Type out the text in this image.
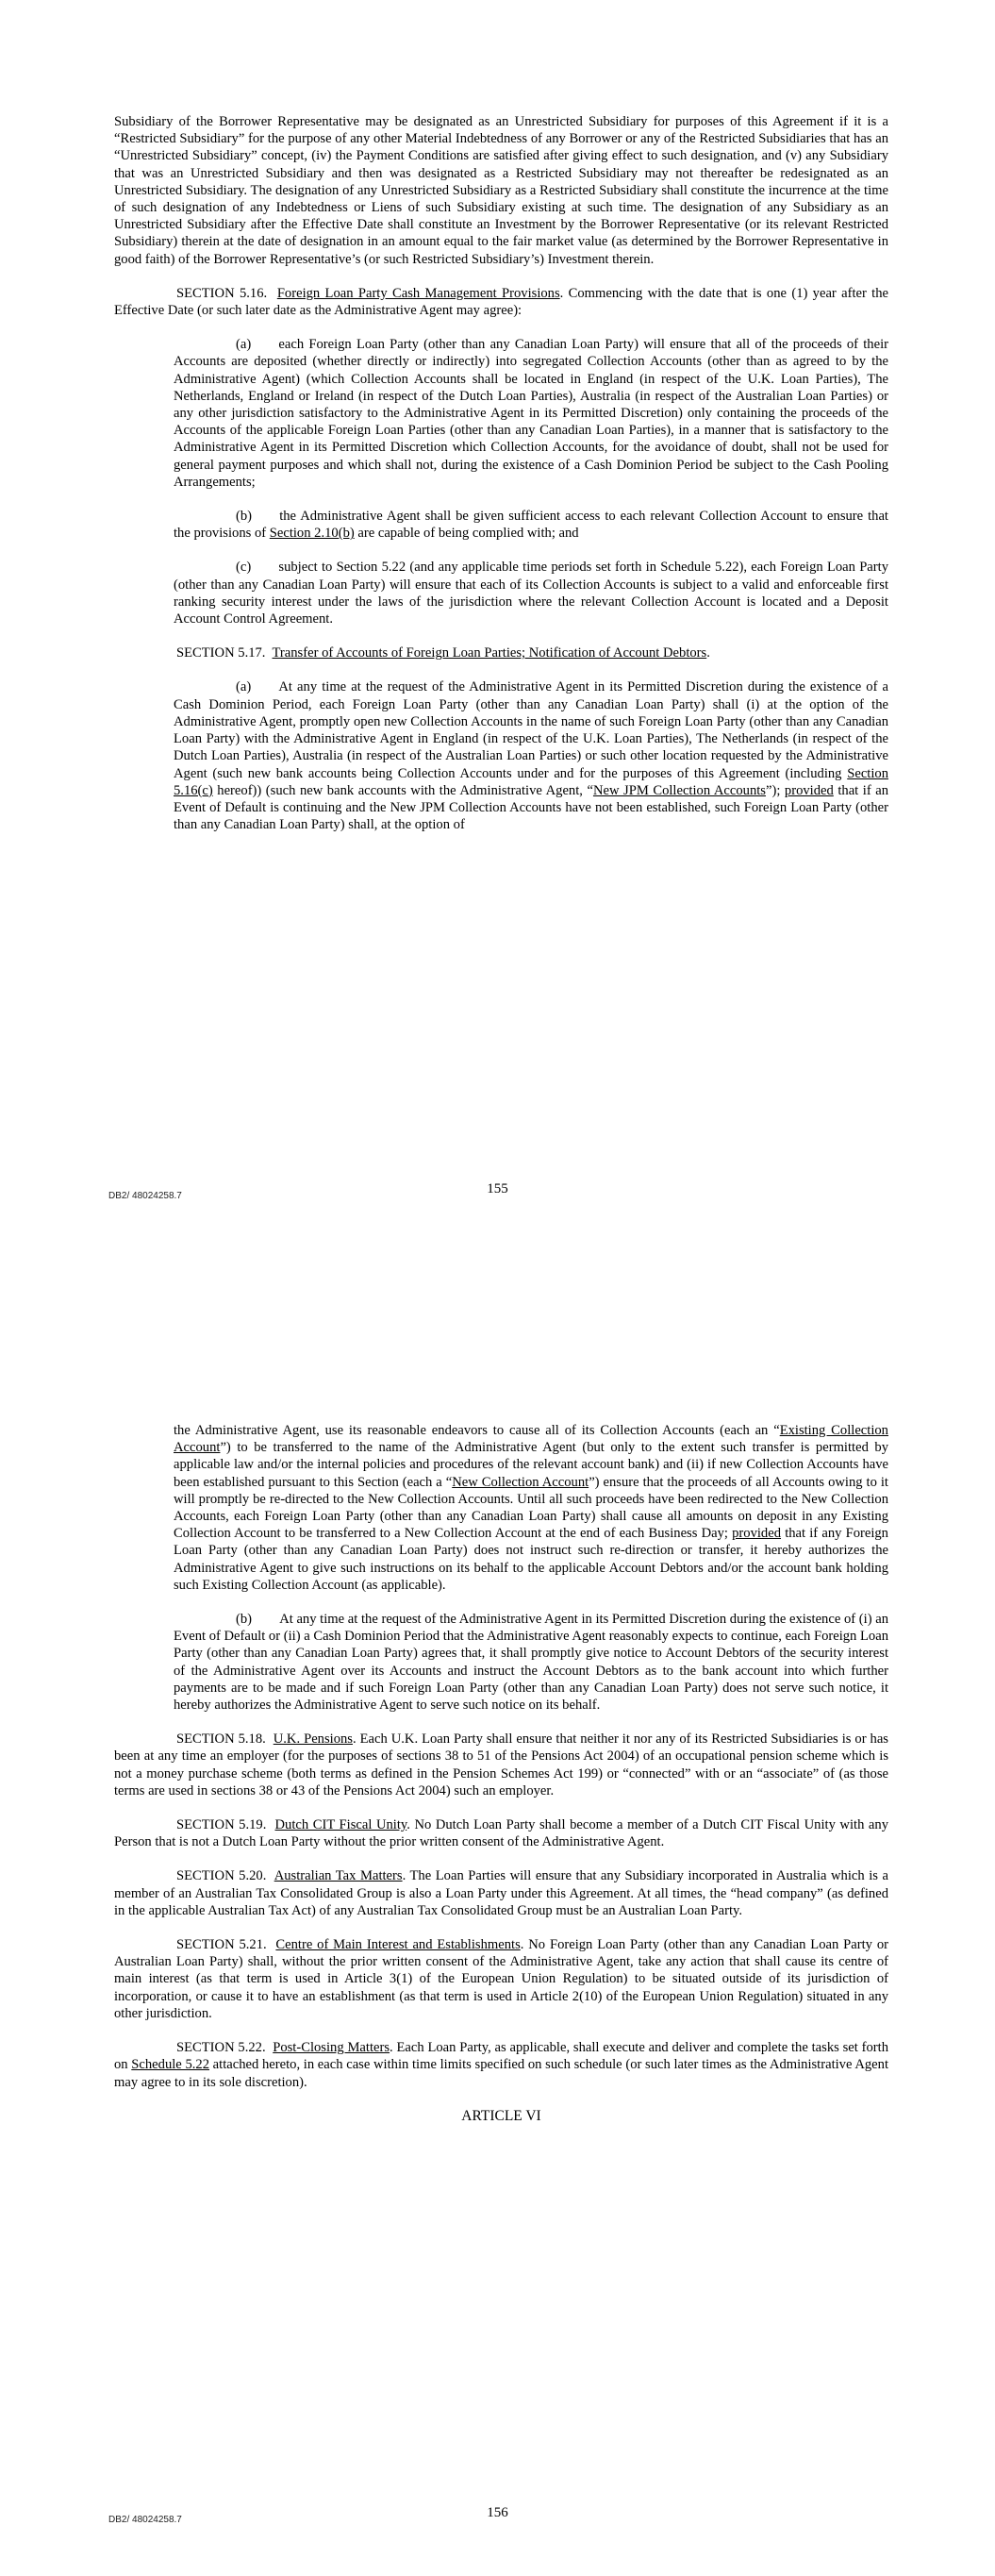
Subsidiary of the Borrower Representative may be designated as an Unrestricted Subsidiary for purposes of this Agreement if it is a “Restricted Subsidiary” for the purpose of any other Material Indebtedness of any Borrower or any of the Restricted Subsidiaries that has an “Unrestricted Subsidiary” concept, (iv) the Payment Conditions are satisfied after giving effect to such designation, and (v) any Subsidiary that was an Unrestricted Subsidiary and then was designated as a Restricted Subsidiary may not thereafter be redesignated as an Unrestricted Subsidiary. The designation of any Unrestricted Subsidiary as a Restricted Subsidiary shall constitute the incurrence at the time of such designation of any Indebtedness or Liens of such Subsidiary existing at such time. The designation of any Subsidiary as an Unrestricted Subsidiary after the Effective Date shall constitute an Investment by the Borrower Representative (or its relevant Restricted Subsidiary) therein at the date of designation in an amount equal to the fair market value (as determined by the Borrower Representative in good faith) of the Borrower Representative’s (or such Restricted Subsidiary’s) Investment therein.

SECTION 5.16. Foreign Loan Party Cash Management Provisions. Commencing with the date that is one (1) year after the Effective Date (or such later date as the Administrative Agent may agree):

(a)  each Foreign Loan Party (other than any Canadian Loan Party) will ensure that all of the proceeds of their Accounts are deposited (whether directly or indirectly) into segregated Collection Accounts (other than as agreed to by the Administrative Agent) (which Collection Accounts shall be located in England (in respect of the U.K. Loan Parties), The Netherlands, England or Ireland (in respect of the Dutch Loan Parties), Australia (in respect of the Australian Loan Parties) or any other jurisdiction satisfactory to the Administrative Agent in its Permitted Discretion) only containing the proceeds of the Accounts of the applicable Foreign Loan Parties (other than any Canadian Loan Parties), in a manner that is satisfactory to the Administrative Agent in its Permitted Discretion which Collection Accounts, for the avoidance of doubt, shall not be used for general payment purposes and which shall not, during the existence of a Cash Dominion Period be subject to the Cash Pooling Arrangements;

(b)  the Administrative Agent shall be given sufficient access to each relevant Collection Account to ensure that the provisions of Section 2.10(b) are capable of being complied with; and

(c)  subject to Section 5.22 (and any applicable time periods set forth in Schedule 5.22), each Foreign Loan Party (other than any Canadian Loan Party) will ensure that each of its Collection Accounts is subject to a valid and enforceable first ranking security interest under the laws of the jurisdiction where the relevant Collection Account is located and a Deposit Account Control Agreement.

SECTION 5.17. Transfer of Accounts of Foreign Loan Parties; Notification of Account Debtors.

(a)  At any time at the request of the Administrative Agent in its Permitted Discretion during the existence of a Cash Dominion Period, each Foreign Loan Party (other than any Canadian Loan Party) shall (i) at the option of the Administrative Agent, promptly open new Collection Accounts in the name of such Foreign Loan Party (other than any Canadian Loan Party) with the Administrative Agent in England (in respect of the U.K. Loan Parties), The Netherlands (in respect of the Dutch Loan Parties), Australia (in respect of the Australian Loan Parties) or such other location requested by the Administrative Agent (such new bank accounts being Collection Accounts under and for the purposes of this Agreement (including Section 5.16(c) hereof)) (such new bank accounts with the Administrative Agent, “New JPM Collection Accounts”); provided that if an Event of Default is continuing and the New JPM Collection Accounts have not been established, such Foreign Loan Party (other than any Canadian Loan Party) shall, at the option of

DB2/ 48024258.7	155

the Administrative Agent, use its reasonable endeavors to cause all of its Collection Accounts (each an “Existing Collection Account”) to be transferred to the name of the Administrative Agent (but only to the extent such transfer is permitted by applicable law and/or the internal policies and procedures of the relevant account bank) and (ii) if new Collection Accounts have been established pursuant to this Section (each a “New Collection Account”) ensure that the proceeds of all Accounts owing to it will promptly be re-directed to the New Collection Accounts. Until all such proceeds have been redirected to the New Collection Accounts, each Foreign Loan Party (other than any Canadian Loan Party) shall cause all amounts on deposit in any Existing Collection Account to be transferred to a New Collection Account at the end of each Business Day; provided that if any Foreign Loan Party (other than any Canadian Loan Party) does not instruct such re-direction or transfer, it hereby authorizes the Administrative Agent to give such instructions on its behalf to the applicable Account Debtors and/or the account bank holding such Existing Collection Account (as applicable).

(b)  At any time at the request of the Administrative Agent in its Permitted Discretion during the existence of (i) an Event of Default or (ii) a Cash Dominion Period that the Administrative Agent reasonably expects to continue, each Foreign Loan Party (other than any Canadian Loan Party) agrees that, it shall promptly give notice to Account Debtors of the security interest of the Administrative Agent over its Accounts and instruct the Account Debtors as to the bank account into which further payments are to be made and if such Foreign Loan Party (other than any Canadian Loan Party) does not serve such notice, it hereby authorizes the Administrative Agent to serve such notice on its behalf.

SECTION 5.18. U.K. Pensions. Each U.K. Loan Party shall ensure that neither it nor any of its Restricted Subsidiaries is or has been at any time an employer (for the purposes of sections 38 to 51 of the Pensions Act 2004) of an occupational pension scheme which is not a money purchase scheme (both terms as defined in the Pension Schemes Act 199) or “connected” with or an “associate” of (as those terms are used in sections 38 or 43 of the Pensions Act 2004) such an employer.

SECTION 5.19. Dutch CIT Fiscal Unity. No Dutch Loan Party shall become a member of a Dutch CIT Fiscal Unity with any Person that is not a Dutch Loan Party without the prior written consent of the Administrative Agent.

SECTION 5.20. Australian Tax Matters. The Loan Parties will ensure that any Subsidiary incorporated in Australia which is a member of an Australian Tax Consolidated Group is also a Loan Party under this Agreement. At all times, the “head company” (as defined in the applicable Australian Tax Act) of any Australian Tax Consolidated Group must be an Australian Loan Party.

SECTION 5.21. Centre of Main Interest and Establishments. No Foreign Loan Party (other than any Canadian Loan Party or Australian Loan Party) shall, without the prior written consent of the Administrative Agent, take any action that shall cause its centre of main interest (as that term is used in Article 3(1) of the European Union Regulation) to be situated outside of its jurisdiction of incorporation, or cause it to have an establishment (as that term is used in Article 2(10) of the European Union Regulation) situated in any other jurisdiction.

SECTION 5.22. Post-Closing Matters. Each Loan Party, as applicable, shall execute and deliver and complete the tasks set forth on Schedule 5.22 attached hereto, in each case within time limits specified on such schedule (or such later times as the Administrative Agent may agree to in its sole discretion).

ARTICLE VI

DB2/ 48024258.7	156
